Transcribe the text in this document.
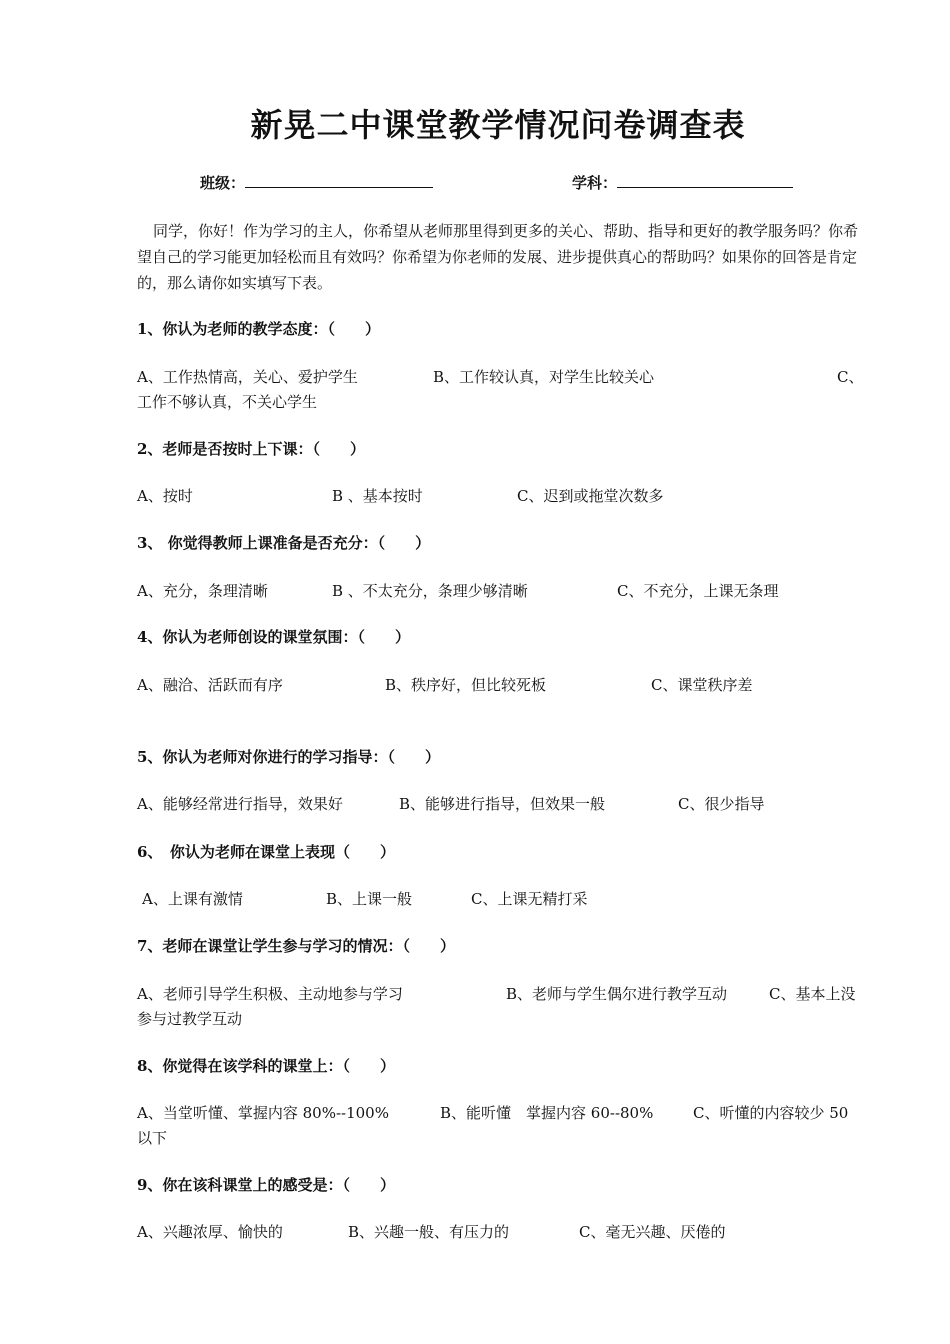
新晃二中课堂教学情况问卷调查表
班级：	学科：
同学，你好！作为学习的主人，你希望从老师那里得到更多的关心、帮助、指导和更好的教学服务吗？你希望自己的学习能更加轻松而且有效吗？你希望为你老师的发展、进步提供真心的帮助吗？如果你的回答是肯定的，那么请你如实填写下表。
1、你认为老师的教学态度：（　　）
A、工作热情高，关心、爱护学生	B、工作较认真，对学生比较关心	C、
工作不够认真，不关心学生
2、老师是否按时上下课：（　　）
A、按时	B 、基本按时	C、迟到或拖堂次数多
3、 你觉得教师上课准备是否充分：（　　）
A、充分，条理清晰	B 、不太充分，条理少够清晰	C、不充分，上课无条理
4、你认为老师创设的课堂氛围：（　　）
A、融洽、活跃而有序	B、秩序好，但比较死板	C、课堂秩序差
5、你认为老师对你进行的学习指导：（　　）
A、能够经常进行指导，效果好	B、能够进行指导，但效果一般	C、很少指导
6、　你认为老师在课堂上表现（　　）
A、上课有激情	B、上课一般	C、上课无精打采
7、老师在课堂让学生参与学习的情况：（　　）
A、老师引导学生积极、主动地参与学习	B、老师与学生偶尔进行教学互动	C、基本上没
参与过教学互动
8、你觉得在该学科的课堂上：（　　）
A、当堂听懂、掌握内容 80%--100%	B、能听懂　掌握内容 60--80%	C、听懂的内容较少 50
以下
9、你在该科课堂上的感受是：（　　）
A、兴趣浓厚、愉快的	B、兴趣一般、有压力的	C、毫无兴趣、厌倦的
